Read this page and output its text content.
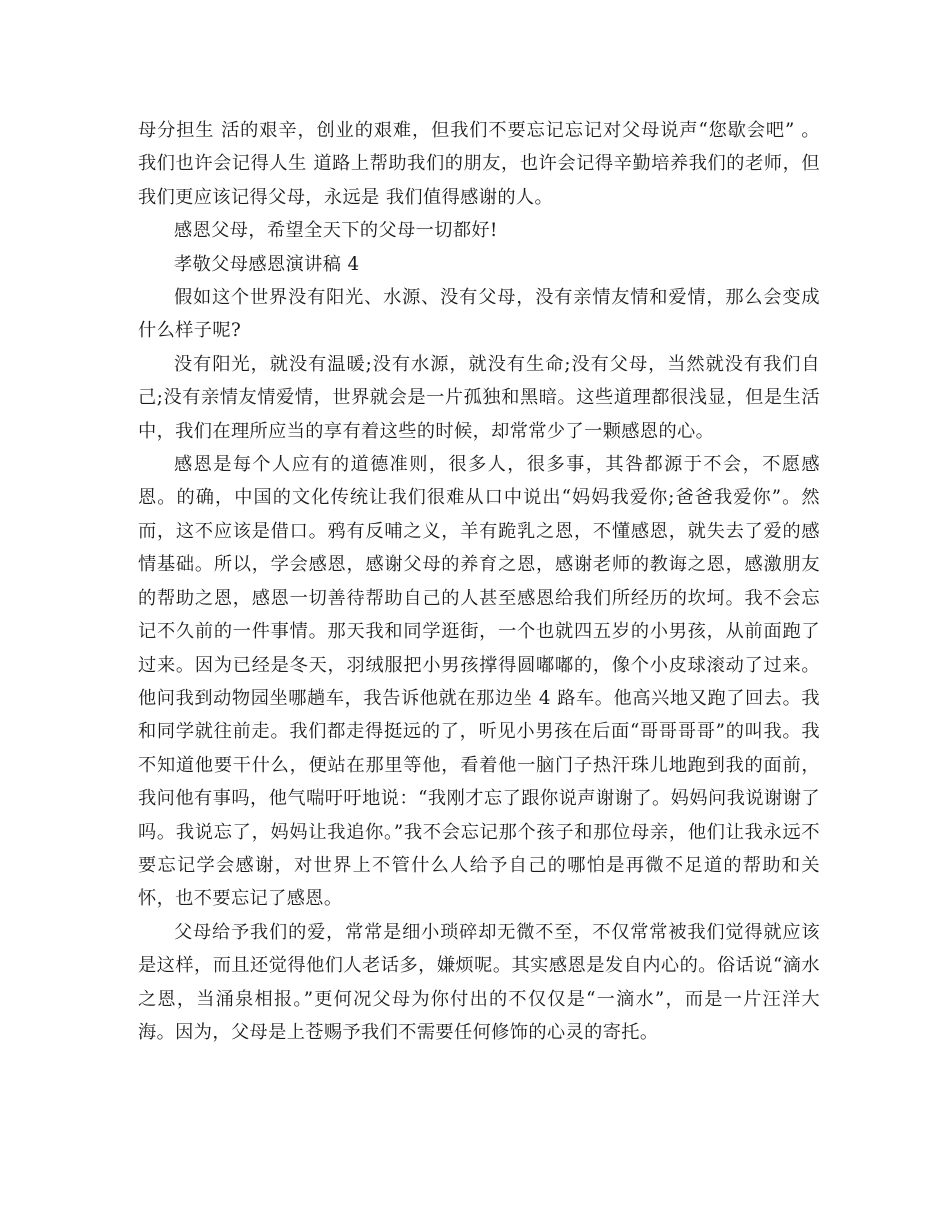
母分担生 活的艰辛，创业的艰难，但我们不要忘记忘记对父母说声“您歇会吧” 。我们也许会记得人生 道路上帮助我们的朋友，也许会记得辛勤培养我们的老师，但我们更应该记得父母，永远是 我们值得感谢的人。

感恩父母，希望全天下的父母一切都好!

孝敬父母感恩演讲稿 4

假如这个世界没有阳光、水源、没有父母，没有亲情友情和爱情，那么会变成什么样子呢?

没有阳光，就没有温暖;没有水源，就没有生命;没有父母，当然就没有我们自己;没有亲情友情爱情，世界就会是一片孤独和黑暗。这些道理都很浅显，但是生活中，我们在理所应当的享有着这些的时候，却常常少了一颗感恩的心。

感恩是每个人应有的道德准则，很多人，很多事，其咎都源于不会，不愿感恩。的确，中国的文化传统让我们很难从口中说出“妈妈我爱你;爸爸我爱你”。然而，这不应该是借口。鸦有反哺之义，羊有跪乳之恩，不懂感恩，就失去了爱的感情基础。所以，学会感恩，感谢父母的养育之恩，感谢老师的教诲之恩，感激朋友的帮助之恩，感恩一切善待帮助自己的人甚至感恩给我们所经历的坎坷。我不会忘记不久前的一件事情。那天我和同学逛街，一个也就四五岁的小男孩，从前面跑了过来。因为已经是冬天，羽绒服把小男孩撑得圆嘟嘟的，像个小皮球滚动了过来。他问我到动物园坐哪趟车，我告诉他就在那边坐 4 路车。他高兴地又跑了回去。我和同学就往前走。我们都走得挺远的了，听见小男孩在后面“哥哥哥哥”的叫我。我不知道他要干什么，便站在那里等他，看着他一脑门子热汗珠儿地跑到我的面前，我问他有事吗，他气喘吁吁地说：“我刚才忘了跟你说声谢谢了。妈妈问我说谢谢了吗。我说忘了，妈妈让我追你。”我不会忘记那个孩子和那位母亲，他们让我永远不要忘记学会感谢，对世界上不管什么人给予自己的哪怕是再微不足道的帮助和关怀，也不要忘记了感恩。

父母给予我们的爱，常常是细小琐碎却无微不至，不仅常常被我们觉得就应该是这样，而且还觉得他们人老话多，嫌烦呢。其实感恩是发自内心的。俗话说“滴水之恩，当涌泉相报。”更何况父母为你付出的不仅仅是“一滴水”，而是一片汪洋大海。因为，父母是上苍赐予我们不需要任何修饰的心灵的寄托。
